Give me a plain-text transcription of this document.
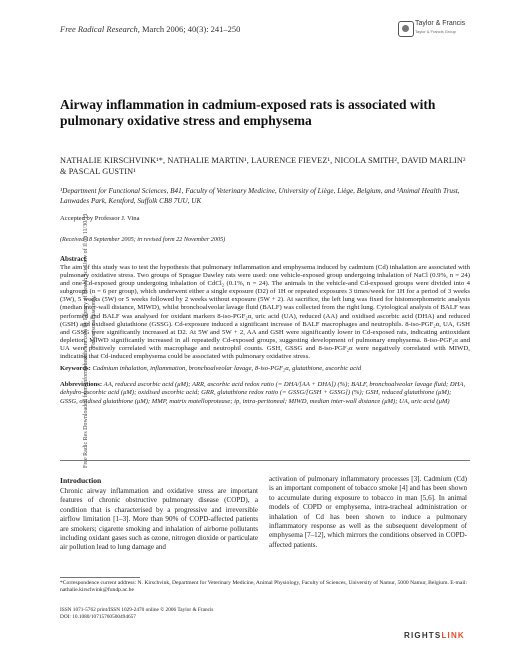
Free Radic Res Downloaded from informahealthcare.com by Library of Health Sci-Univ of Il on 11/30/11 For personal use only.
Free Radical Research, March 2006; 40(3): 241–250
Taylor & Francis
Taylor & Francis Group
Airway inflammation in cadmium-exposed rats is associated with pulmonary oxidative stress and emphysema
NATHALIE KIRSCHVINK¹*, NATHALIE MARTIN¹, LAURENCE FIEVEZ¹, NICOLA SMITH², DAVID MARLIN² & PASCAL GUSTIN¹
¹Department for Functional Sciences, B41, Faculty of Veterinary Medicine, University of Liège, Liège, Belgium, and ²Animal Health Trust, Lanwades Park, Kentford, Suffolk CB8 7UU, UK
Accepted by Professor J. Vina
(Received 18 September 2005; in revised form 22 November 2005)
Abstract
The aim of this study was to test the hypothesis that pulmonary inflammation and emphysema induced by cadmium (Cd) inhalation are associated with pulmonary oxidative stress. Two groups of Sprague Dawley rats were used: one vehicle-exposed group undergoing inhalation of NaCl (0.9%, n = 24) and one Cd-exposed group undergoing inhalation of CdCl₂ (0.1%, n = 24). The animals in the vehicle-and Cd-exposed groups were divided into 4 subgroups (n = 6 per group), which underwent either a single exposure (D2) of 1H or repeated exposures 3 times/week for 1H for a period of 3 weeks (3W), 5 weeks (5W) or 5 weeks followed by 2 weeks without exposure (5W + 2). At sacrifice, the left lung was fixed for histomorphometric analysis (median inter-wall distance, MIWD), whilst bronchoalveolar lavage fluid (BALF) was collected from the right lung. Cytological analysis of BALF was performed and BALF was analysed for oxidant markers 8-iso-PGF₂α, uric acid (UA), reduced (AA) and oxidised ascorbic acid (DHA) and reduced (GSH) and oxidised glutathione (GSSG). Cd-exposure induced a significant increase of BALF macrophages and neutrophils. 8-iso-PGF₂α, UA, GSH and GSSG were significantly increased at D2. At 5W and 5W + 2, AA and GSH were significantly lower in Cd-exposed rats, indicating antioxidant depletion. MIWD significantly increased in all repeatedly Cd-exposed groups, suggesting development of pulmonary emphysema. 8-iso-PGF₂α and UA were positively correlated with macrophage and neutrophil counts. GSH, GSSG and 8-iso-PGF₂α were negatively correlated with MIWD, indicating that Cd-induced emphysema could be associated with pulmonary oxidative stress.
Keywords: Cadmium inhalation, inflammation, bronchoalveolar lavage, 8-iso-PGF₂α, glutathione, ascorbic acid
Abbreviations: AA, reduced ascorbic acid (μM); ARR, ascorbic acid redox ratio (= DHA/[AA + DHA]) (%); BALF, bronchoalveolar lavage fluid; DHA, dehydro-ascorbic acid (μM); oxidised ascorbic acid; GRR, glutathione redox ratio (= GSSG/[GSH + GSSG]) (%); GSH, reduced glutathione (μM); GSSG, oxidised glutathione (μM); MMP, matrix matelloprotease; ip, intra-peritoneal; MIWD, median inter-wall distance (μM); UA, uric acid (μM)
Introduction
Chronic airway inflammation and oxidative stress are important features of chronic obstructive pulmonary disease (COPD), a condition that is characterised by a progressive and irreversible airflow limitation [1–3]. More than 90% of COPD-affected patients are smokers; cigarette smoking and inhalation of airborne pollutants including oxidant gases such as ozone, nitrogen dioxide or particulate air pollution lead to lung damage and
activation of pulmonary inflammatory processes [3]. Cadmium (Cd) is an important component of tobacco smoke [4] and has been shown to accumulate during exposure to tobacco in man [5,6]. In animal models of COPD or emphysema, intra-tracheal administration or inhalation of Cd has been shown to induce a pulmonary inflammatory response as well as the subsequent development of emphysema [7–12], which mirrors the conditions observed in COPD-affected patients.
*Correspondence current address: N. Kirschvink, Department for Veterinary Medicine, Animal Physiology, Faculty of Sciences, University of Namur, 5000 Namur, Belgium. E-mail: nathalie.kirschvink@fundp.ac.be
ISSN 1071-5762 print/ISSN 1029-2470 online © 2006 Taylor & Francis
DOI: 10.1080/10715760500494657
RIGHTSLINK
